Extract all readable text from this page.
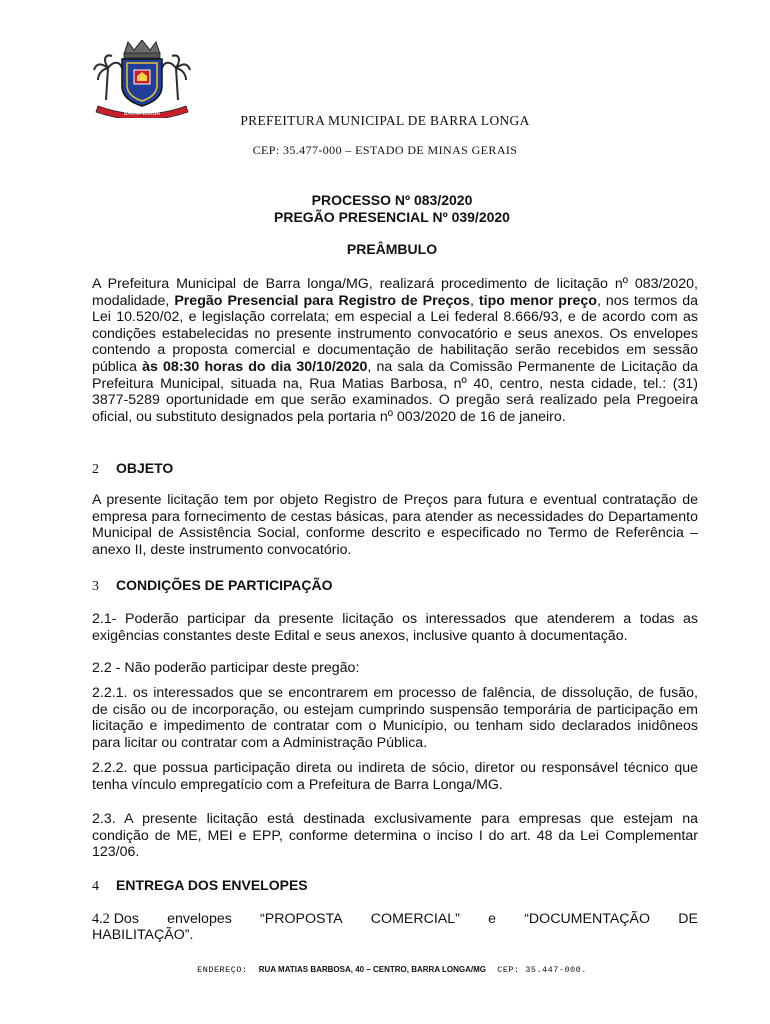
BARRA LONGA	PREFEITURA MUNICIPAL DE BARRA LONGA
CEP: 35.477-000 – ESTADO DE MINAS GERAIS
PROCESSO Nº 083/2020
PREGÃO PRESENCIAL Nº 039/2020
PREÂMBULO
A Prefeitura Municipal de Barra longa/MG, realizará procedimento de licitação nº 083/2020, modalidade, Pregão Presencial para Registro de Preços, tipo menor preço, nos termos da Lei 10.520/02, e legislação correlata; em especial a Lei federal 8.666/93, e de acordo com as condições estabelecidas no presente instrumento convocatório e seus anexos. Os envelopes contendo a proposta comercial e documentação de habilitação serão recebidos em sessão pública às 08:30 horas do dia 30/10/2020, na sala da Comissão Permanente de Licitação da Prefeitura Municipal, situada na, Rua Matias Barbosa, nº 40, centro, nesta cidade, tel.: (31) 3877-5289 oportunidade em que serão examinados. O pregão será realizado pela Pregoeira oficial, ou substituto designados pela portaria nº 003/2020 de 16 de janeiro.
2 OBJETO
A presente licitação tem por objeto Registro de Preços para futura e eventual contratação de empresa para fornecimento de cestas básicas, para atender as necessidades do Departamento Municipal de Assistência Social, conforme descrito e especificado no Termo de Referência – anexo II, deste instrumento convocatório.
3 CONDIÇÕES DE PARTICIPAÇÃO
2.1- Poderão participar da presente licitação os interessados que atenderem a todas as exigências constantes deste Edital e seus anexos, inclusive quanto à documentação.
2.2 - Não poderão participar deste pregão:
2.2.1. os interessados que se encontrarem em processo de falência, de dissolução, de fusão, de cisão ou de incorporação, ou estejam cumprindo suspensão temporária de participação em licitação e impedimento de contratar com o Município, ou tenham sido declarados inidôneos para licitar ou contratar com a Administração Pública.
2.2.2. que possua participação direta ou indireta de sócio, diretor ou responsável técnico que tenha vínculo empregatício com a Prefeitura de Barra Longa/MG.
2.3. A presente licitação está destinada exclusivamente para empresas que estejam na condição de ME, MEI e EPP, conforme determina o inciso I do art. 48 da Lei Complementar 123/06.
4 ENTREGA DOS ENVELOPES
4.2 Dos envelopes “PROPOSTA COMERCIAL” e “DOCUMENTAÇÃO DE
HABILITAÇÃO”.
ENDEREÇO: RUA MATIAS BARBOSA, 40 – CENTRO, BARRA LONGA/MG CEP: 35.447-000.
